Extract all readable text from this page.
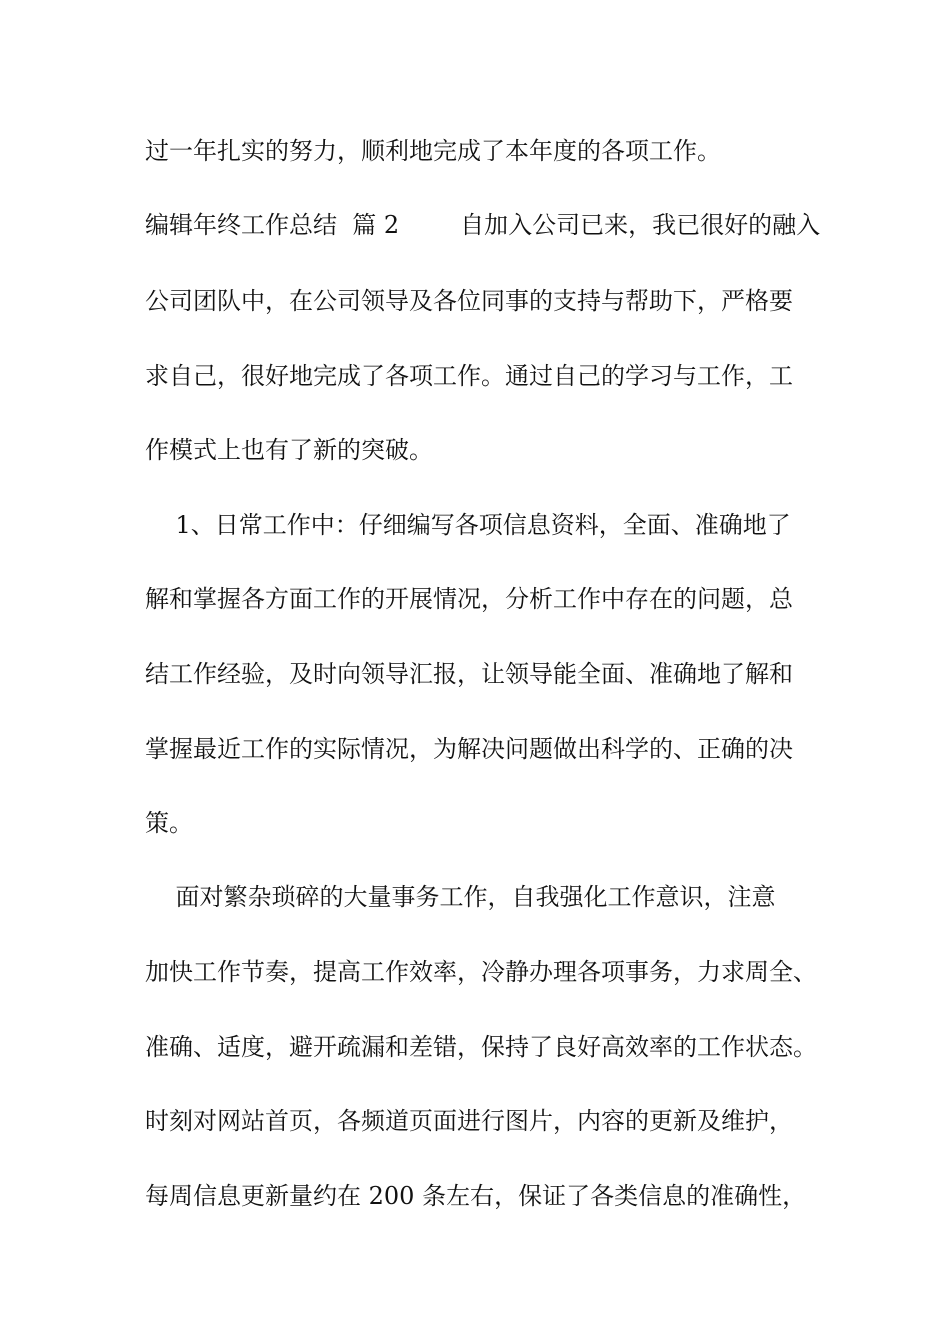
过一年扎实的努力，顺利地完成了本年度的各项工作。
编辑年终工作总结  篇 2        自加入公司已来，我已很好的融入
公司团队中，在公司领导及各位同事的支持与帮助下，严格要
求自己，很好地完成了各项工作。通过自己的学习与工作，工
作模式上也有了新的突破。
1、日常工作中：仔细编写各项信息资料，全面、准确地了
解和掌握各方面工作的开展情况，分析工作中存在的问题，总
结工作经验，及时向领导汇报，让领导能全面、准确地了解和
掌握最近工作的实际情况，为解决问题做出科学的、正确的决
策。
面对繁杂琐碎的大量事务工作，自我强化工作意识，注意
加快工作节奏，提高工作效率，冷静办理各项事务，力求周全、
准确、适度，避开疏漏和差错，保持了良好高效率的工作状态。
时刻对网站首页，各频道页面进行图片，内容的更新及维护，
每周信息更新量约在 200 条左右，保证了各类信息的准确性，
